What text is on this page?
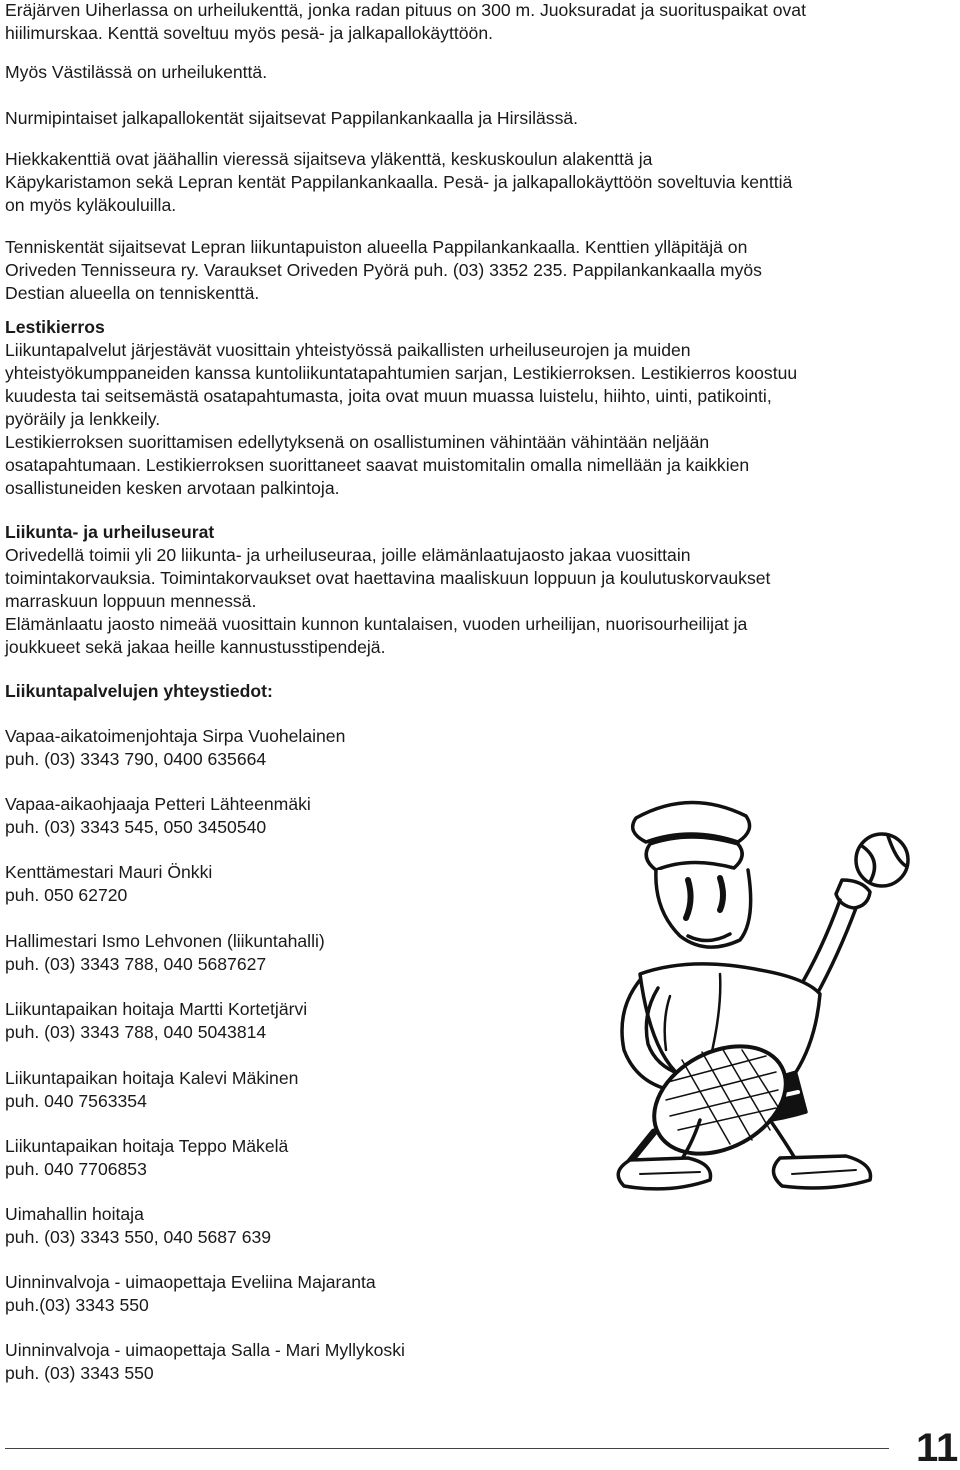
Eräjärven Uiherlassa on urheilukenttä, jonka radan pituus on 300 m. Juoksuradat ja suorituspaikat ovat
hiilimurskaa. Kenttä soveltuu myös pesä- ja jalkapallokäyttöön.

Myös Västilässä on urheilukenttä.

Nurmipintaiset jalkapallokentät sijaitsevat Pappilankankaalla ja Hirsilässä.

Hiekkakenttiä ovat jäähallin vieressä sijaitseva yläkenttä, keskuskoulun alakenttä ja
Käpykaristamon sekä Lepran kentät Pappilankankaalla. Pesä- ja jalkapallokäyttöön soveltuvia kenttiä
on myös kyläkouluilla.

Tenniskentät sijaitsevat Lepran liikuntapuiston alueella Pappilankankaalla. Kenttien ylläpitäjä on
Oriveden Tennisseura ry. Varaukset Oriveden Pyörä puh. (03) 3352 235. Pappilankankaalla myös
Destian alueella on tenniskenttä.

Lestikierros
Liikuntapalvelut järjestävät vuosittain yhteistyössä paikallisten urheiluseurojen ja muiden
yhteistyökumppaneiden kanssa kuntoliikuntatapahtumien sarjan, Lestikierroksen. Lestikierros koostuu
kuudesta tai seitsemästä osatapahtumasta, joita ovat muun muassa luistelu, hiihto, uinti, patikointi,
pyöräily ja lenkkeily.
Lestikierroksen suorittamisen edellytyksenä on osallistuminen vähintään vähintään neljään
osatapahtumaan. Lestikierroksen suorittaneet saavat muistomitalin omalla nimellään ja kaikkien
osallistuneiden kesken arvotaan palkintoja.
Liikunta- ja urheiluseurat
Orivedellä toimii yli 20 liikunta- ja urheiluseuraa, joille elämänlaatujaosto jakaa vuosittain
toimintakorvauksia. Toimintakorvaukset ovat haettavina maaliskuun loppuun ja koulutuskorvaukset
marraskuun loppuun mennessä.
Elämänlaatu jaosto nimeää vuosittain kunnon kuntalaisen, vuoden urheilijan, nuorisourheilijat ja
joukkueet sekä jakaa heille kannustusstipendejä.
Liikuntapalvelujen yhteystiedot:
Vapaa-aikatoimenjohtaja Sirpa Vuohelainen
puh. (03) 3343 790, 0400 635664
Vapaa-aikaohjaaja Petteri Lähteenmäki
puh. (03) 3343 545, 050 3450540
Kenttämestari Mauri Önkki
puh. 050 62720
Hallimestari Ismo Lehvonen (liikuntahalli)
puh. (03) 3343 788, 040 5687627
Liikuntapaikan hoitaja Martti Kortetjärvi
puh. (03) 3343 788, 040 5043814
Liikuntapaikan hoitaja Kalevi Mäkinen
puh. 040 7563354
Liikuntapaikan hoitaja Teppo Mäkelä
puh. 040 7706853
Uimahallin hoitaja
puh. (03) 3343 550, 040 5687 639
Uinninvalvoja - uimaopettaja Eveliina Majaranta
puh.(03) 3343 550
Uinninvalvoja - uimaopettaja Salla - Mari Myllykoski
puh. (03) 3343 550
11
